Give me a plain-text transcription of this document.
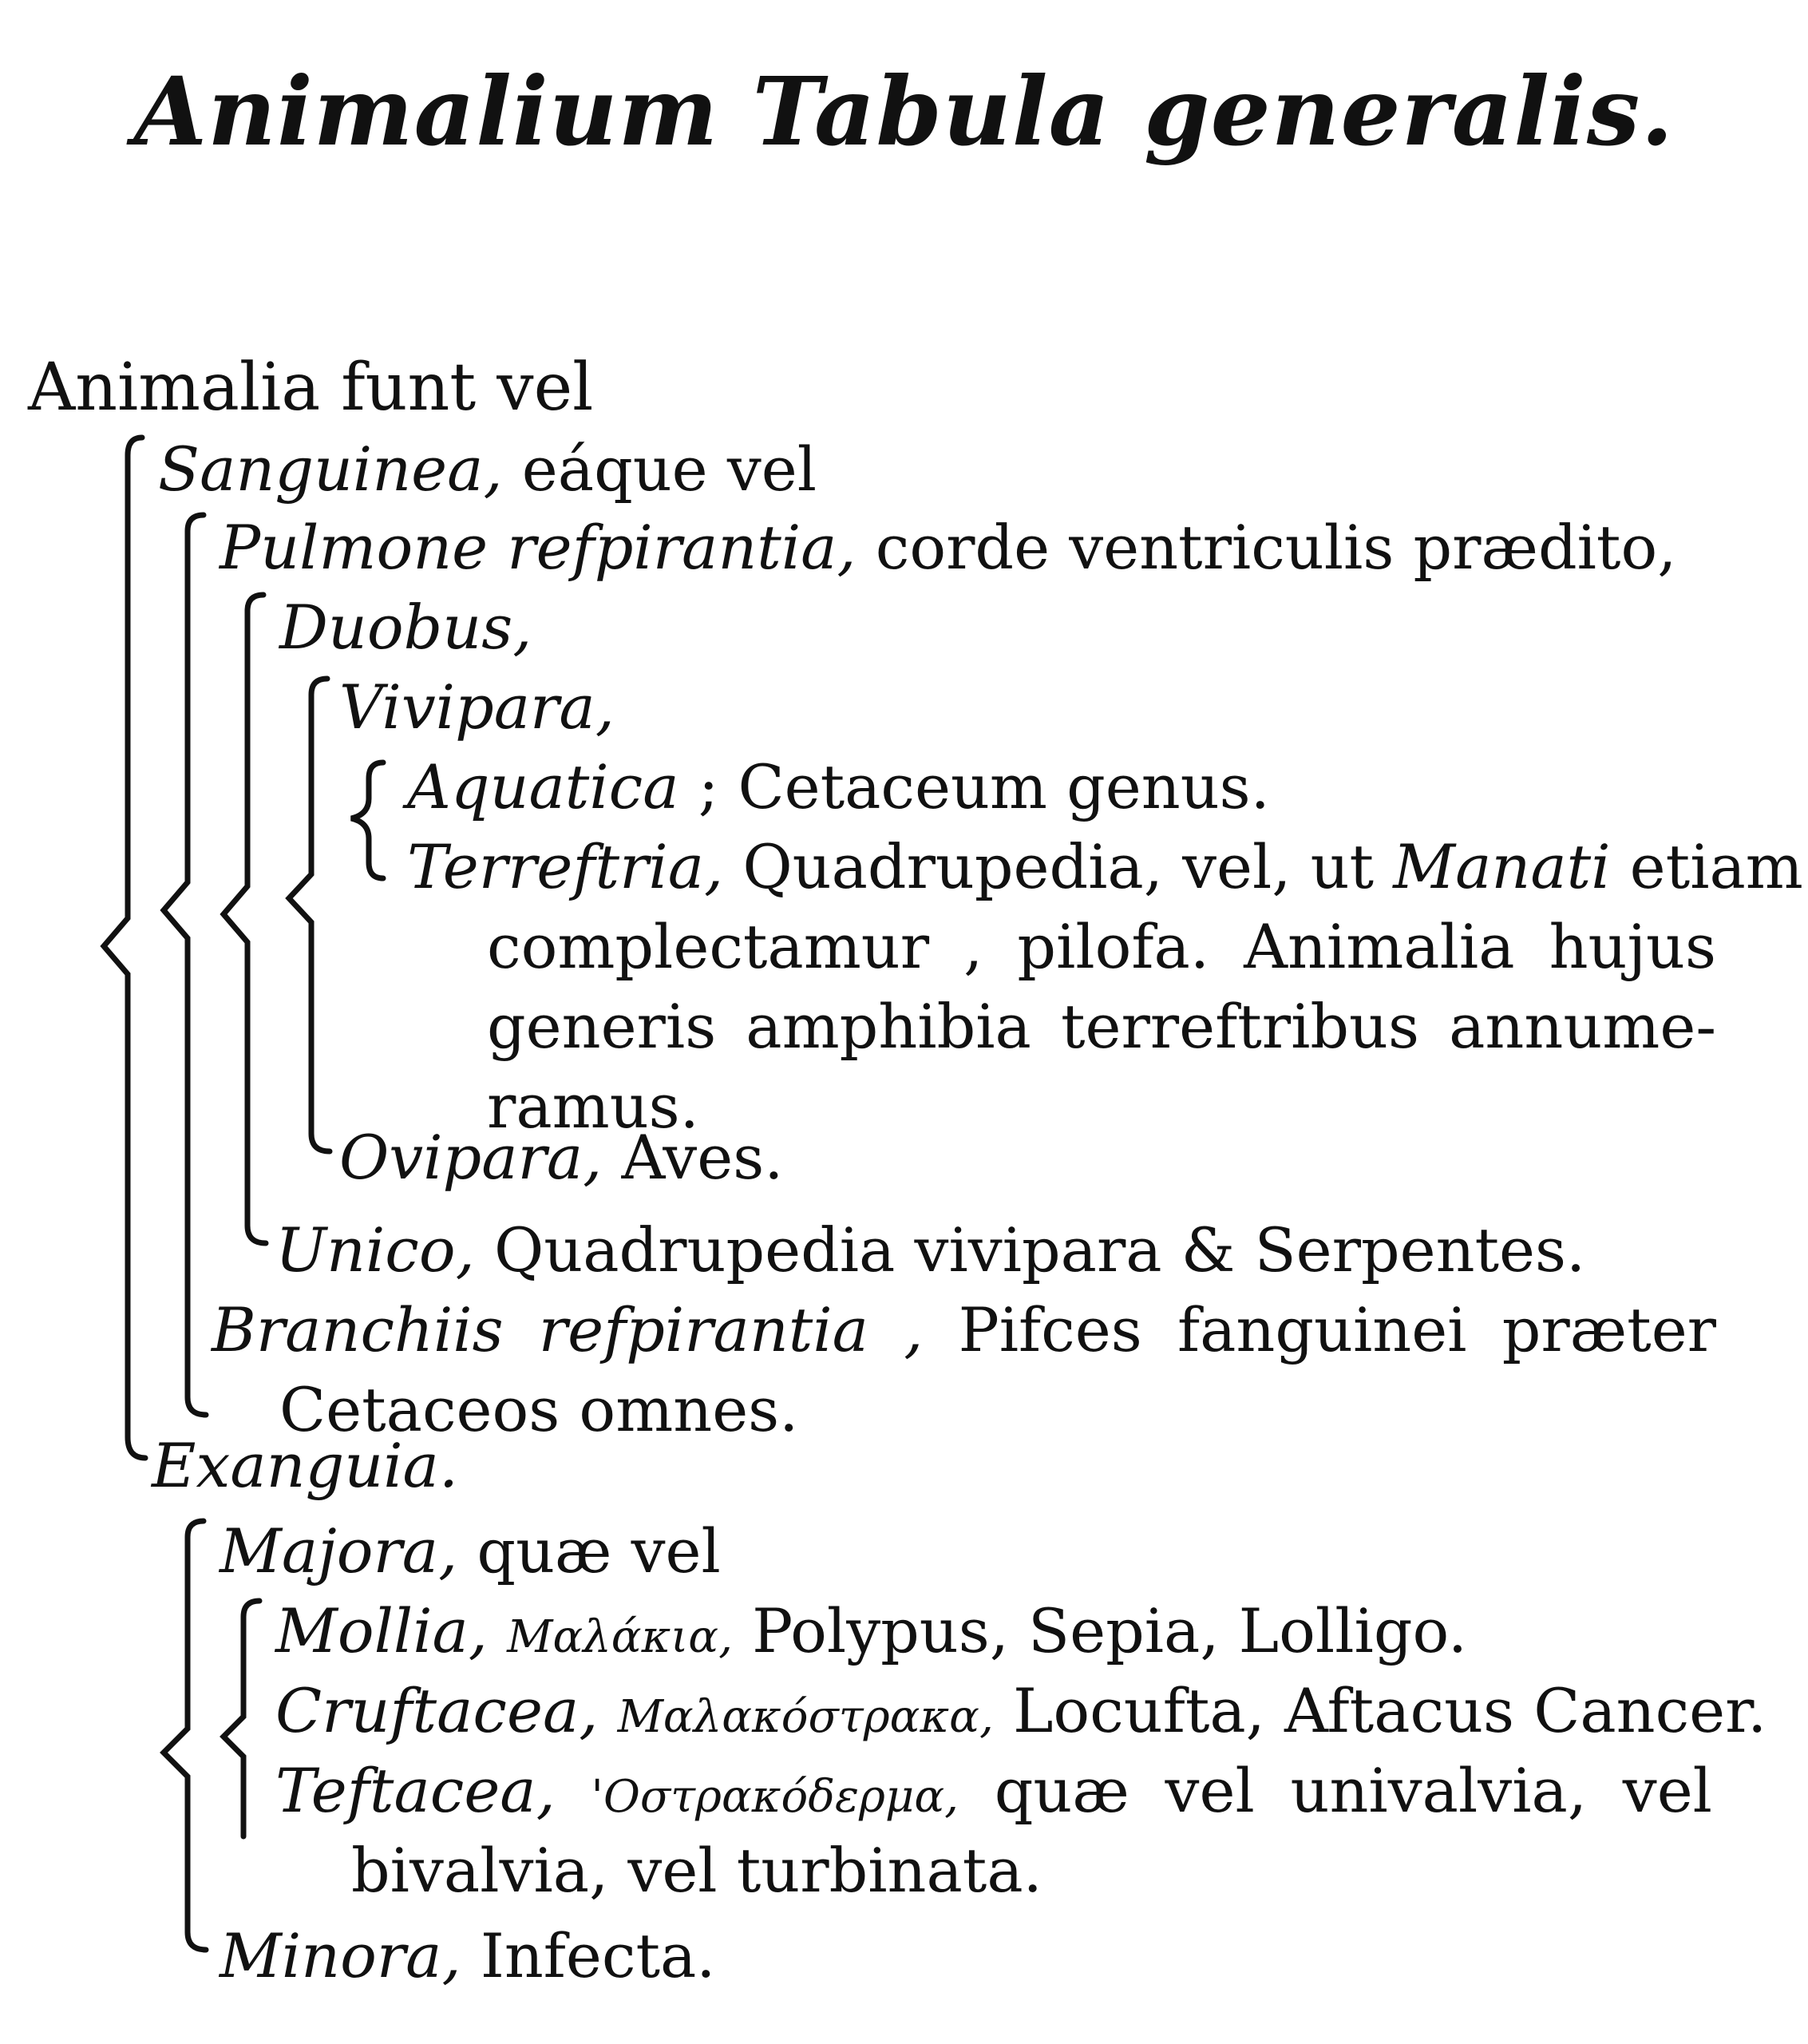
Animalium Tabula generalis.
Animalia funt vel
Sanguinea, eáque vel
Pulmone refpirantia, corde ventriculis prædito,
Duobus,
Vivipara,
Aquatica ; Cetaceum genus.
Terreftria, Quadrupedia, vel, ut Manati etiam
complectamur , pilofa. Animalia hujus
generis amphibia terreftribus annume-
ramus.
Ovipara, Aves.
Unico, Quadrupedia vivipara & Serpentes.
Branchiis refpirantia , Pifces fanguinei præter
Cetaceos omnes.
Exanguia.
Majora, quæ vel
Mollia, Μαλάκια, Polypus, Sepia, Lolligo.
Cruftacea, Μαλακόστρακα, Locufta, Aftacus Cancer.
Teftacea, 'Οστρακόδερμα, quæ vel univalvia, vel
bivalvia, vel turbinata.
Minora, Infecta.
